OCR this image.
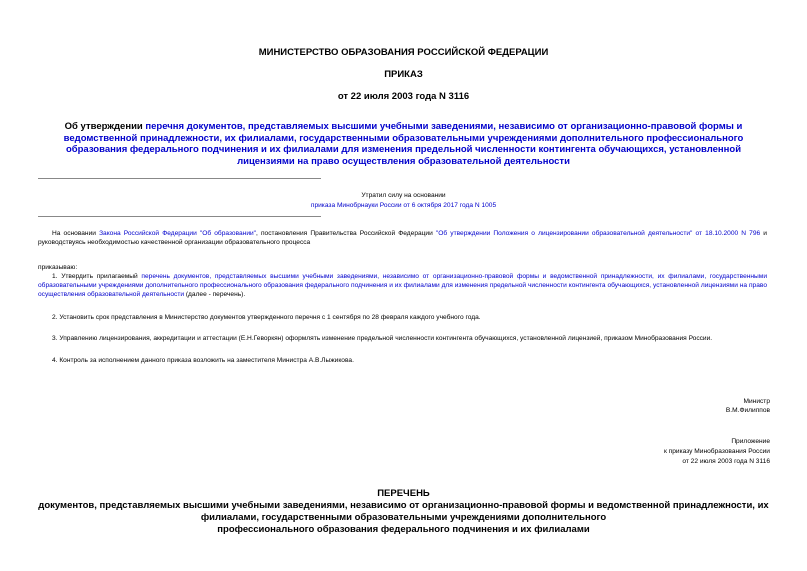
МИНИСТЕРСТВО ОБРАЗОВАНИЯ РОССИЙСКОЙ ФЕДЕРАЦИИ
ПРИКАЗ
от 22 июля 2003 года N 3116
Об утверждении перечня документов, представляемых высшими учебными заведениями, независимо от организационно-правовой формы и ведомственной принадлежности, их филиалами, государственными образовательными учреждениями дополнительного профессионального образования федерального подчинения и их филиалами для изменения предельной численности контингента обучающихся, установленной лицензиями на право осуществления образовательной деятельности
Утратил силу на основании
приказа Минобрнауки России от 6 октября 2017 года N 1005
На основании Закона Российской Федерации "Об образовании", постановления Правительства Российской Федерации "Об утверждении Положения о лицензировании образовательной деятельности" от 18.10.2000 N 796 и руководствуясь необходимостью качественной организации образовательного процесса
приказываю:
1. Утвердить прилагаемый перечень документов, представляемых высшими учебными заведениями, независимо от организационно-правовой формы и ведомственной принадлежности, их филиалами, государственными образовательными учреждениями дополнительного профессионального образования федерального подчинения и их филиалами для изменения предельной численности контингента обучающихся, установленной лицензиями на право осуществления образовательной деятельности (далее - перечень).
2. Установить срок представления в Министерство документов утвержденного перечня с 1 сентября по 28 февраля каждого учебного года.
3. Управлению лицензирования, аккредитации и аттестации (Е.Н.Геворкян) оформлять изменение предельной численности контингента обучающихся, установленной лицензией, приказом Минобразования России.
4. Контроль за исполнением данного приказа возложить на заместителя Министра А.В.Лыжикова.
Министр
В.М.Филиппов
Приложение
к приказу Минобразования России
от 22 июля 2003 года N 3116
ПЕРЕЧЕНЬ
документов, представляемых высшими учебными заведениями, независимо от организационно-правовой формы и ведомственной принадлежности, их
филиалами, государственными образовательными учреждениями дополнительного
профессионального образования федерального подчинения и их филиалами
